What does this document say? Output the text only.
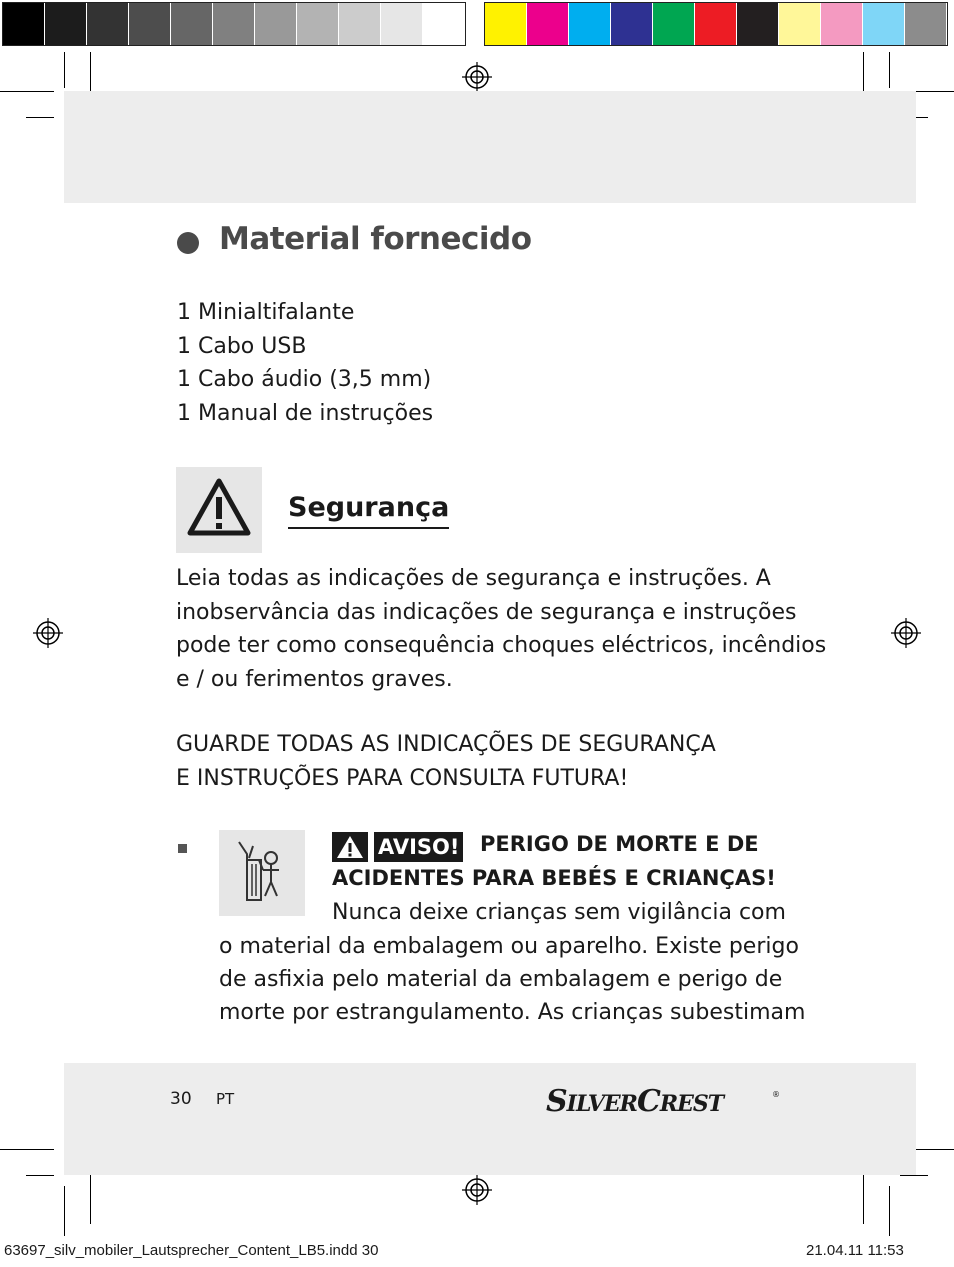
Material fornecido
1 Minialtifalante
1 Cabo USB
1 Cabo áudio (3,5 mm)
1 Manual de instruções
Segurança
Leia todas as indicações de segurança e instruções. A
inobservância das indicações de segurança e instruções
pode ter como consequência choques eléctricos, incêndios
e / ou ferimentos graves.
GUARDE TODAS AS INDICAÇÕES DE SEGURANÇA
E INSTRUÇÕES PARA CONSULTA FUTURA!
AVISO! PERIGO DE MORTE E DE
ACIDENTES PARA BEBÉS E CRIANÇAS!
Nunca deixe crianças sem vigilância com
o material da embalagem ou aparelho. Existe perigo
de asfixia pelo material da embalagem e perigo de
morte por estrangulamento. As crianças subestimam
30 PT	SILVERCREST	®
63697_silv_mobiler_Lautsprecher_Content_LB5.indd 30	21.04.11 11:53
